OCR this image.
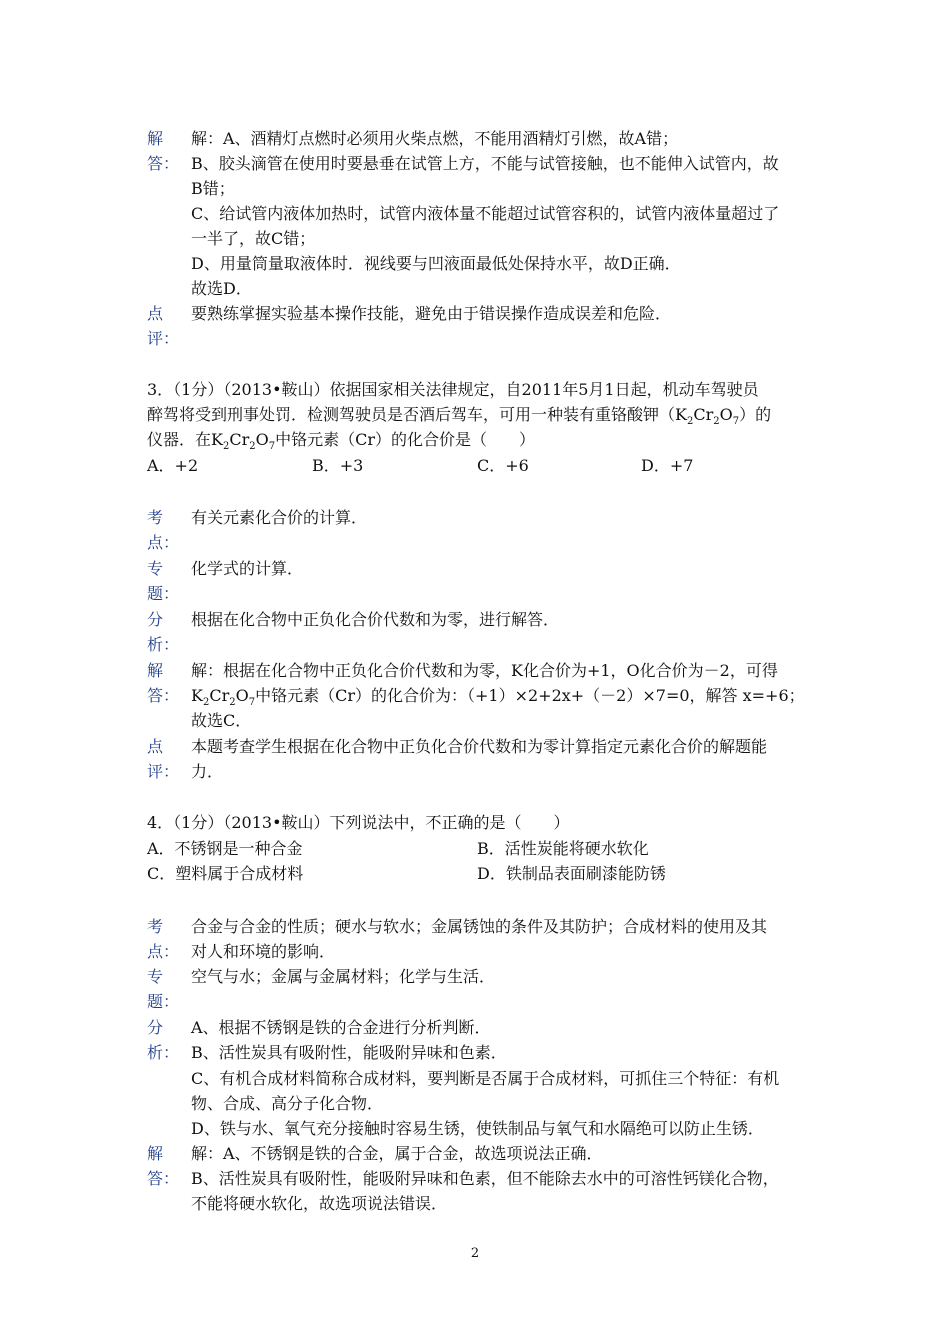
解
答：
解：A、酒精灯点燃时必须用火柴点燃，不能用酒精灯引燃，故A错；
B、胶头滴管在使用时要悬垂在试管上方，不能与试管接触，也不能伸入试管内，故
B错；
C、给试管内液体加热时，试管内液体量不能超过试管容积的，试管内液体量超过了
一半了，故C错；
D、用量筒量取液体时．视线要与凹液面最低处保持水平，故D正确．
故选D．
点
评：
要熟练掌握实验基本操作技能，避免由于错误操作造成误差和危险．
3．（1分）（2013•鞍山）依据国家相关法律规定，自2011年5月1日起，机动车驾驶员
醉驾将受到刑事处罚．检测驾驶员是否酒后驾车，可用一种装有重铬酸钾$(K_2Cr_2O_7)$的
仪器．在$K_2Cr_2O_7$中铬元素（Cr）的化合价是（　　）
A．+2	B．+3	C．+6	D．+7
考
点：
有关元素化合价的计算．
专
题：
化学式的计算．
分
析：
根据在化合物中正负化合价代数和为零，进行解答．
解
答：
解：根据在化合物中正负化合价代数和为零，K化合价为+1，O化合价为－2，可得
$K_2Cr_2O_7$中铬元素（Cr）的化合价为：（+1）×2+2x+（－2）×7=0，解答 x=+6；
故选C．
点
评：
本题考查学生根据在化合物中正负化合价代数和为零计算指定元素化合价的解题能
力．
4．（1分）（2013•鞍山）下列说法中，不正确的是（　　）
A．不锈钢是一种合金	B．活性炭能将硬水软化
C．塑料属于合成材料	D．铁制品表面刷漆能防锈
考
点：
合金与合金的性质；硬水与软水；金属锈蚀的条件及其防护；合成材料的使用及其
对人和环境的影响．
专
题：
空气与水；金属与金属材料；化学与生活．
分
析：
A、根据不锈钢是铁的合金进行分析判断．
B、活性炭具有吸附性，能吸附异味和色素．
C、有机合成材料简称合成材料，要判断是否属于合成材料，可抓住三个特征：有机
物、合成、高分子化合物．
D、铁与水、氧气充分接触时容易生锈，使铁制品与氧气和水隔绝可以防止生锈．
解
答：
解：A、不锈钢是铁的合金，属于合金，故选项说法正确．
B、活性炭具有吸附性，能吸附异味和色素，但不能除去水中的可溶性钙镁化合物，
不能将硬水软化，故选项说法错误．
2
